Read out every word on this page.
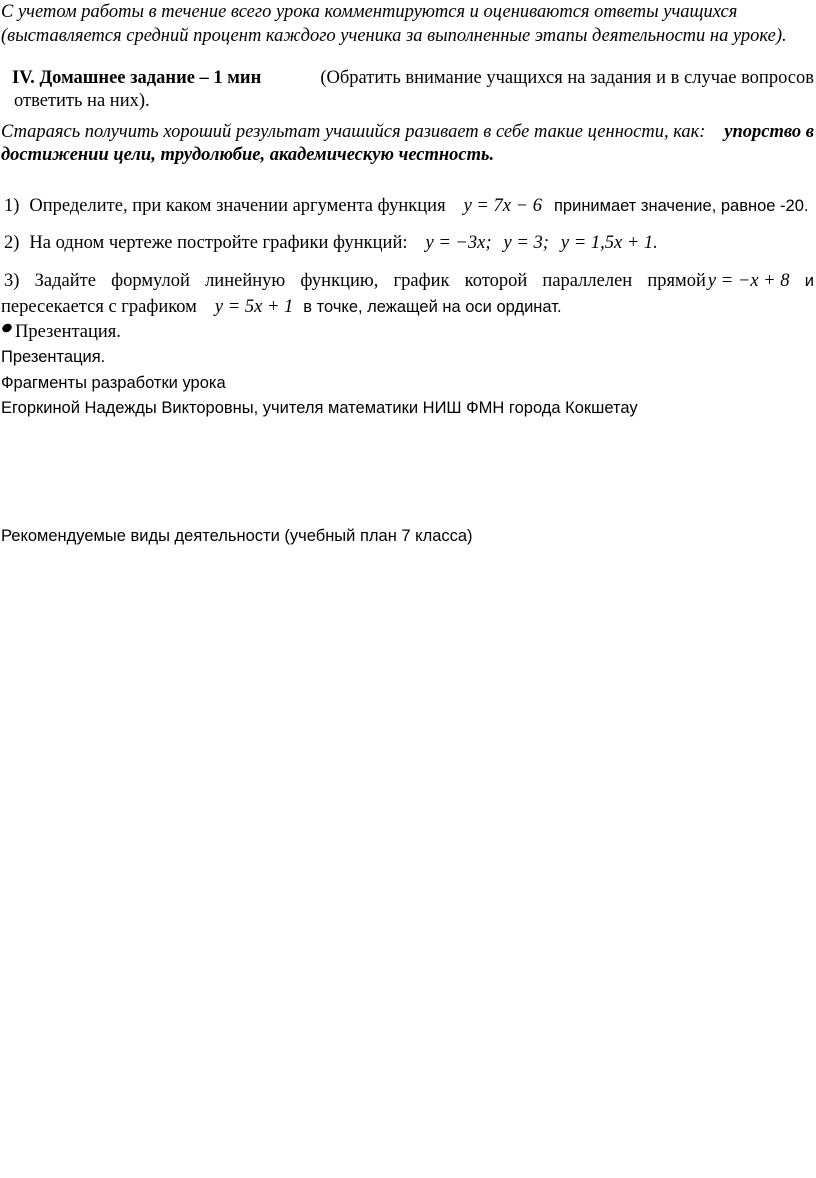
С учетом работы в течение всего урока комментируются и оцениваются ответы учащихся
(выставляется средний процент каждого ученика за выполненные этапы деятельности на уроке).
IV. Домашнее задание – 1 мин	(Обратить внимание учащихся на задания и в случае вопросов
ответить на них).
Стараясь получить хороший результат учашийся разивает в себе такие ценности, как: упорство в
достижении цели, трудолюбие, академическую честность.
1) Определите, при каком значении аргумента функция y = 7x − 6 принимает значение, равное -20.
2) На одном чертеже постройте графики функций: y = −3x; y = 3; y = 1,5x + 1.
3) Задайте формулой линейную функцию, график которой параллелен прямой y = −x + 8 и
пересекается с графиком y = 5x + 1 в точке, лежащей на оси ординат.
Презентация.
Презентация.
Фрагменты разработки урока
Егоркиной Надежды Викторовны, учителя математики НИШ ФМН города Кокшетау
Рекомендуемые виды деятельности (учебный план 7 класса)
